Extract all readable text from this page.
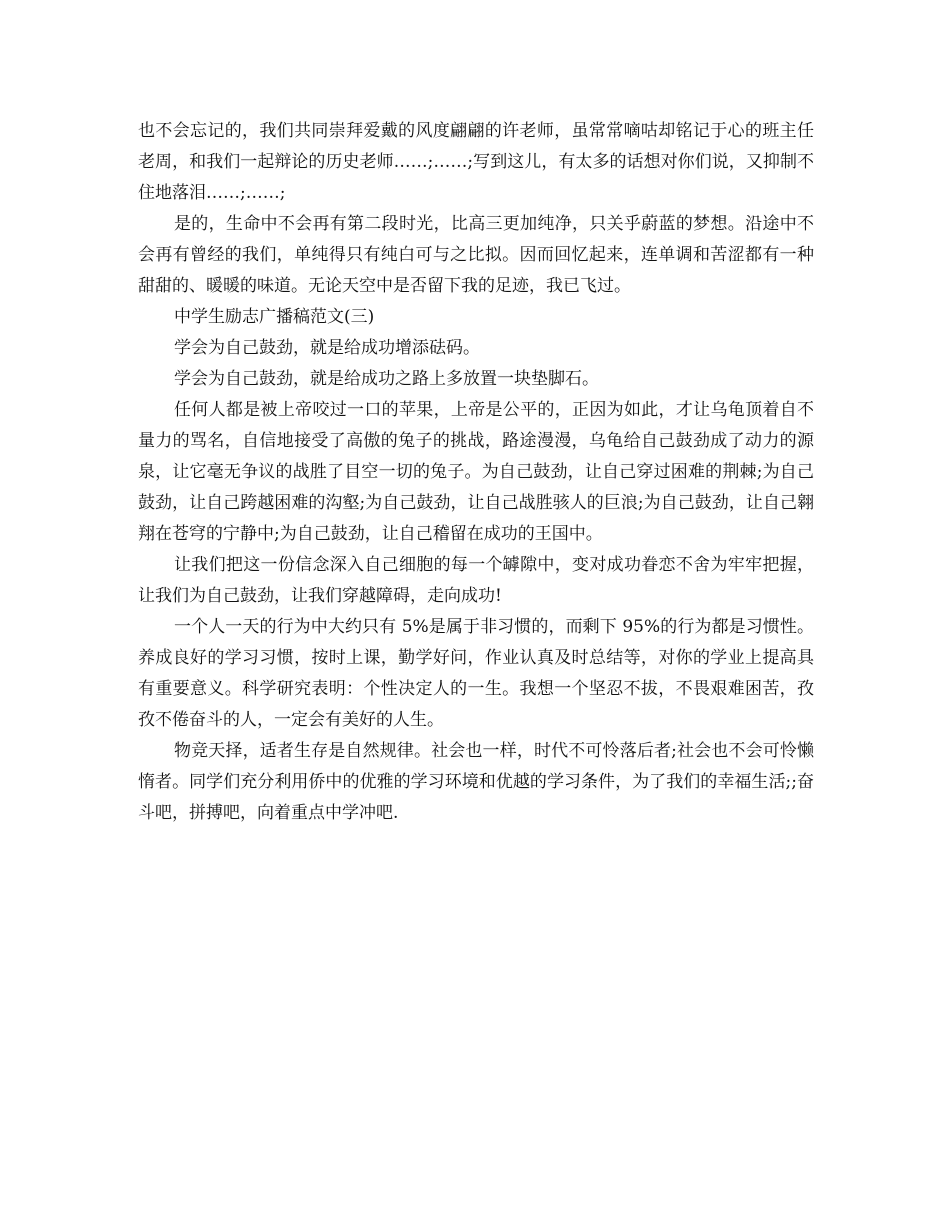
也不会忘记的，我们共同崇拜爱戴的风度翩翩的许老师，虽常常嘀咕却铭记于心的班主任老周，和我们一起辩论的历史老师……;……;写到这儿，有太多的话想对你们说，又抑制不住地落泪……;……;

是的，生命中不会再有第二段时光，比高三更加纯净，只关乎蔚蓝的梦想。沿途中不会再有曾经的我们，单纯得只有纯白可与之比拟。因而回忆起来，连单调和苦涩都有一种甜甜的、暖暖的味道。无论天空中是否留下我的足迹，我已飞过。

中学生励志广播稿范文(三)

学会为自己鼓劲，就是给成功增添砝码。

学会为自己鼓劲，就是给成功之路上多放置一块垫脚石。

任何人都是被上帝咬过一口的苹果，上帝是公平的，正因为如此，才让乌龟顶着自不量力的骂名，自信地接受了高傲的兔子的挑战，路途漫漫，乌龟给自己鼓劲成了动力的源泉，让它毫无争议的战胜了目空一切的兔子。为自己鼓劲，让自己穿过困难的荆棘;为自己鼓劲，让自己跨越困难的沟壑;为自己鼓劲，让自己战胜骇人的巨浪;为自己鼓劲，让自己翱翔在苍穹的宁静中;为自己鼓劲，让自己稽留在成功的王国中。

让我们把这一份信念深入自己细胞的每一个罅隙中，变对成功眷恋不舍为牢牢把握，让我们为自己鼓劲，让我们穿越障碍，走向成功!

一个人一天的行为中大约只有 5%是属于非习惯的，而剩下 95%的行为都是习惯性。养成良好的学习习惯，按时上课，勤学好问，作业认真及时总结等，对你的学业上提高具有重要意义。科学研究表明：个性决定人的一生。我想一个坚忍不拔，不畏艰难困苦，孜孜不倦奋斗的人，一定会有美好的人生。

物竞天择，适者生存是自然规律。社会也一样，时代不可怜落后者;社会也不会可怜懒惰者。同学们充分利用侨中的优雅的学习环境和优越的学习条件，为了我们的幸福生活;;奋斗吧，拼搏吧，向着重点中学冲吧.
